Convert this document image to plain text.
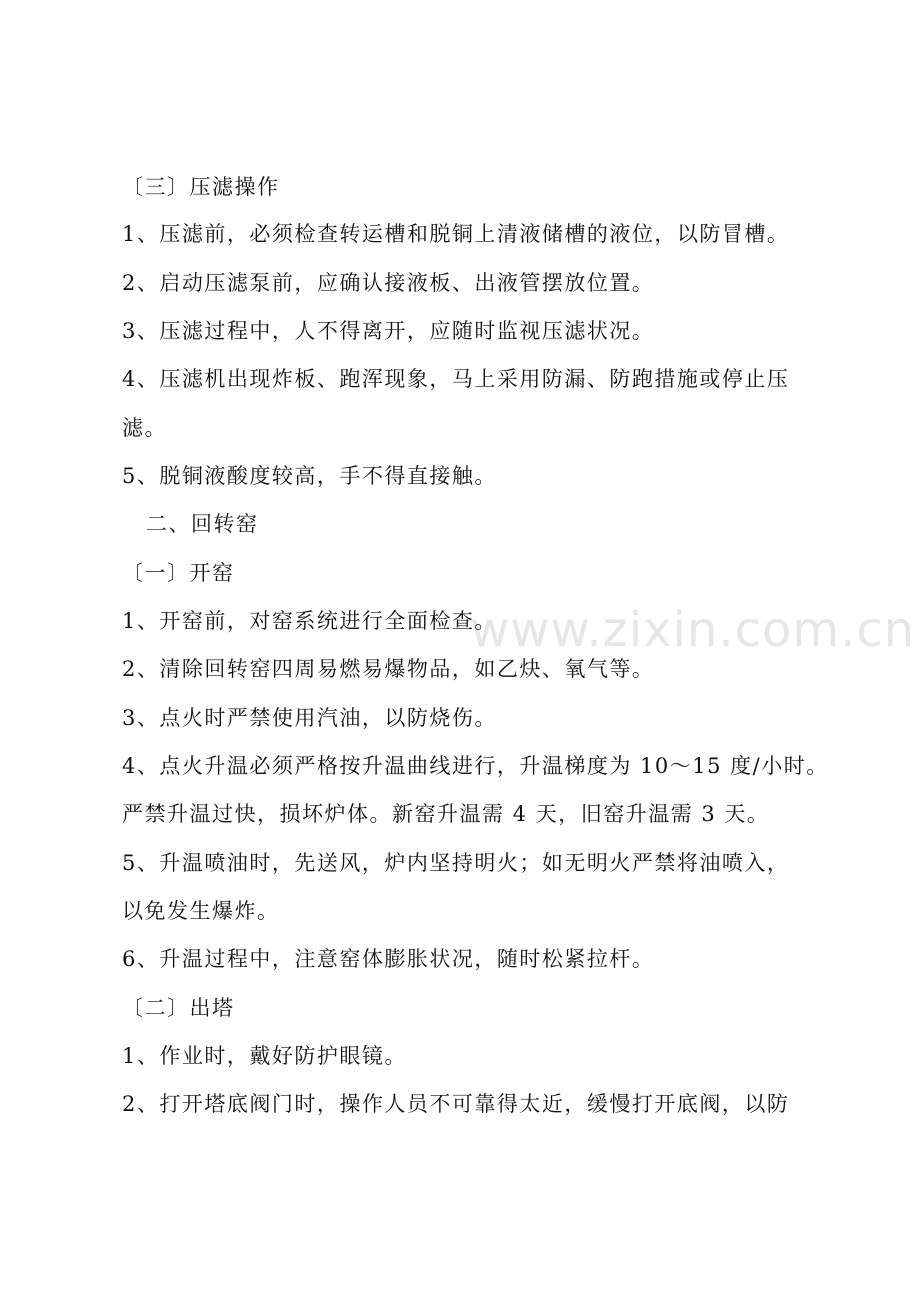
www.zixin.com.cn
〔三〕压滤操作
1、压滤前，必须检查转运槽和脱铜上清液储槽的液位，以防冒槽。
2、启动压滤泵前，应确认接液板、出液管摆放位置。
3、压滤过程中，人不得离开，应随时监视压滤状况。
4、压滤机出现炸板、跑浑现象，马上采用防漏、防跑措施或停止压
滤。
5、脱铜液酸度较高，手不得直接触。
二、回转窑
〔一〕开窑
1、开窑前，对窑系统进行全面检查。
2、清除回转窑四周易燃易爆物品，如乙炔、氧气等。
3、点火时严禁使用汽油，以防烧伤。
4、点火升温必须严格按升温曲线进行，升温梯度为 10～15 度/小时。
严禁升温过快，损坏炉体。新窑升温需 4 天，旧窑升温需 3 天。
5、升温喷油时，先送风，炉内坚持明火；如无明火严禁将油喷入，
以免发生爆炸。
6、升温过程中，注意窑体膨胀状况，随时松紧拉杆。
〔二〕出塔
1、作业时，戴好防护眼镜。
2、打开塔底阀门时，操作人员不可靠得太近，缓慢打开底阀，以防
